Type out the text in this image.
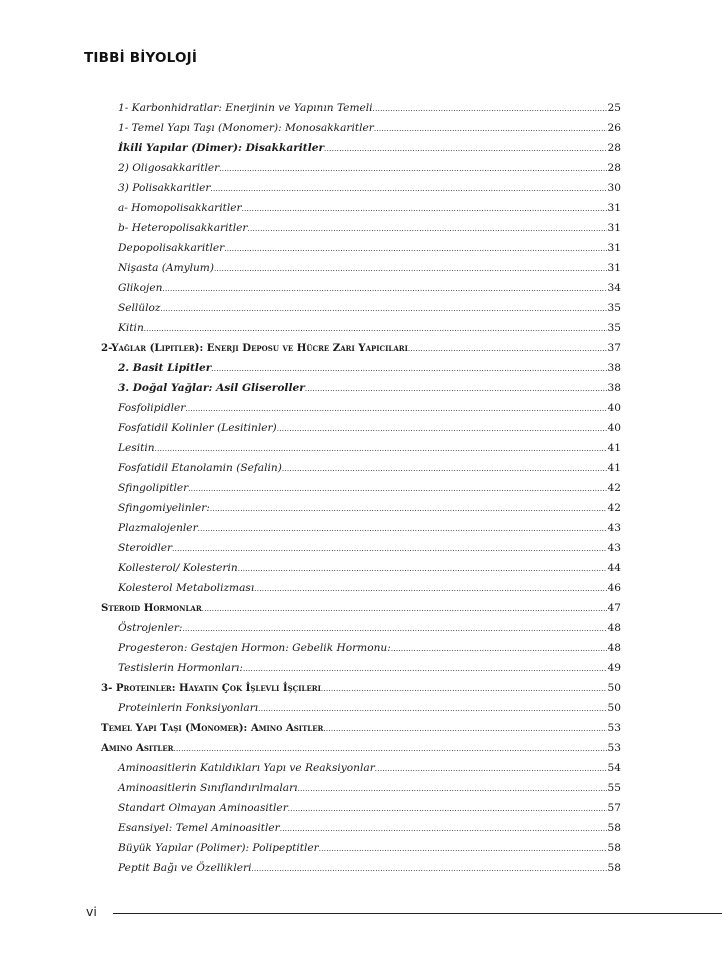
TIBBİ BİYOLOJİ
1- Karbonhidratlar: Enerjinin ve Yapının Temeli .....	25
1- Temel Yapı Taşı (Monomer): Monosakkaritler .....	26
İkili Yapılar (Dimer): Disakkaritler .....	28
2) Oligosakkaritler .....	28
3) Polisakkaritler .....	30
a- Homopolisakkaritler .....	31
b- Heteropolisakkaritler .....	31
Depopolisakkaritler .....	31
Nişasta (Amylum) .....	31
Glikojen .....	34
Sellüloz .....	35
Kitin .....	35
2-Yağlar (Lipitler): Enerji Deposu ve Hücre Zarı Yapıcıları .....	37
2. Basit Lipitler .....	38
3. Doğal Yağlar: Asil Gliseroller .....	38
Fosfolipidler .....	40
Fosfatidil Kolinler (Lesitinler) .....	40
Lesitin .....	41
Fosfatidil Etanolamin (Sefalin) .....	41
Sfingolipitler .....	42
Sfingomiyelinler: .....	42
Plazmalojenler .....	43
Steroidler .....	43
Kollesterol/ Kolesterin .....	44
Kolesterol Metabolizması .....	46
Steroid Hormonlar .....	47
Östrojenler: .....	48
Progesteron: Gestajen Hormon: Gebelik Hormonu: .....	48
Testislerin Hormonları: .....	49
3- Proteinler: Hayatın Çok İşlevli İşçileri .....	50
Proteinlerin Fonksiyonları .....	50
Temel Yapı Taşı (Monomer): Amino Asitler .....	53
Amino Asitler .....	53
Aminoasitlerin Katıldıkları Yapı ve Reaksiyonlar .....	54
Aminoasitlerin Sınıflandırılmaları .....	55
Standart Olmayan Aminoasitler .....	57
Esansiyel: Temel Aminoasitler .....	58
Büyük Yapılar (Polimer): Polipeptitler .....	58
Peptit Bağı ve Özellikleri .....	58
vi
